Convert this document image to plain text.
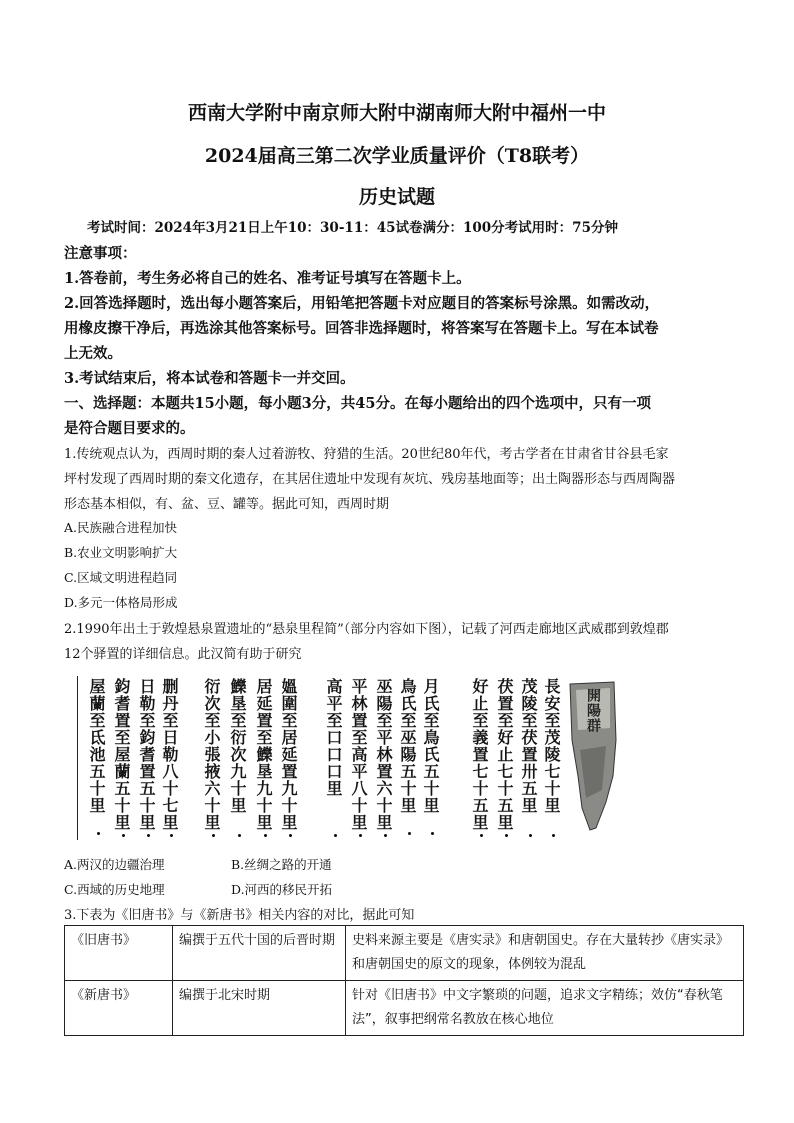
西南大学附中南京师大附中湖南师大附中福州一中
2024届高三第二次学业质量评价（T8联考）
历史试题
考试时间：2024年3月21日上午10：30-11：45试卷满分：100分考试用时：75分钟
注意事项：
1.答卷前，考生务必将自己的姓名、准考证号填写在答题卡上。
2.回答选择题时，选出每小题答案后，用铅笔把答题卡对应题目的答案标号涂黑。如需改动，
用橡皮擦干净后，再选涂其他答案标号。回答非选择题时，将答案写在答题卡上。写在本试卷
上无效。
3.考试结束后，将本试卷和答题卡一并交回。
一、选择题：本题共15小题，每小题3分，共45分。在每小题给出的四个选项中，只有一项
是符合题目要求的。
1.传统观点认为，西周时期的秦人过着游牧、狩猎的生活。20世纪80年代，考古学者在甘肃省甘谷县毛家
坪村发现了西周时期的秦文化遗存，在其居住遗址中发现有灰坑、残房基地面等；出土陶器形态与西周陶器
形态基本相似，有、盆、豆、罐等。据此可知，西周时期
A.民族融合进程加快
B.农业文明影响扩大
C.区域文明进程趋同
D.多元一体格局形成
2.1990年出土于敦煌悬泉置遗址的“悬泉里程简”（部分内容如下图），记载了河西走廊地区武威郡到敦煌郡
12个驿置的详细信息。此汉简有助于研究
屋蘭至氐池五十里 鈞耆置至屋蘭五十里 日勒至鈞耆置五十里 删丹至日勒八十七里 衍次至小張掖六十里 鱳垦至衍次九十里 居延置至鱳垦九十里 媼圍至居延置九十里 高平至口口口里 平林置至高平八十里 巫陽至平林置六十里 鳥氏至巫陽五十里 月氏至鳥氏五十里 好止至義置七十五里 茯置至好止七十五里 茂陵至茯置卅五里 長安至茂陵七十里 開陽群
A.两汉的边疆治理	B.丝绸之路的开通
C.西域的历史地理	D.河西的移民开拓
3.下表为《旧唐书》与《新唐书》相关内容的对比，据此可知
《旧唐书》	编撰于五代十国的后晋时期	史料来源主要是《唐实录》和唐朝国史。存在大量转抄《唐实录》和唐朝国史的原文的现象，体例较为混乱
《新唐书》	编撰于北宋时期	针对《旧唐书》中文字繁琐的问题，追求文字精练；效仿“春秋笔法”，叙事把纲常名教放在核心地位
